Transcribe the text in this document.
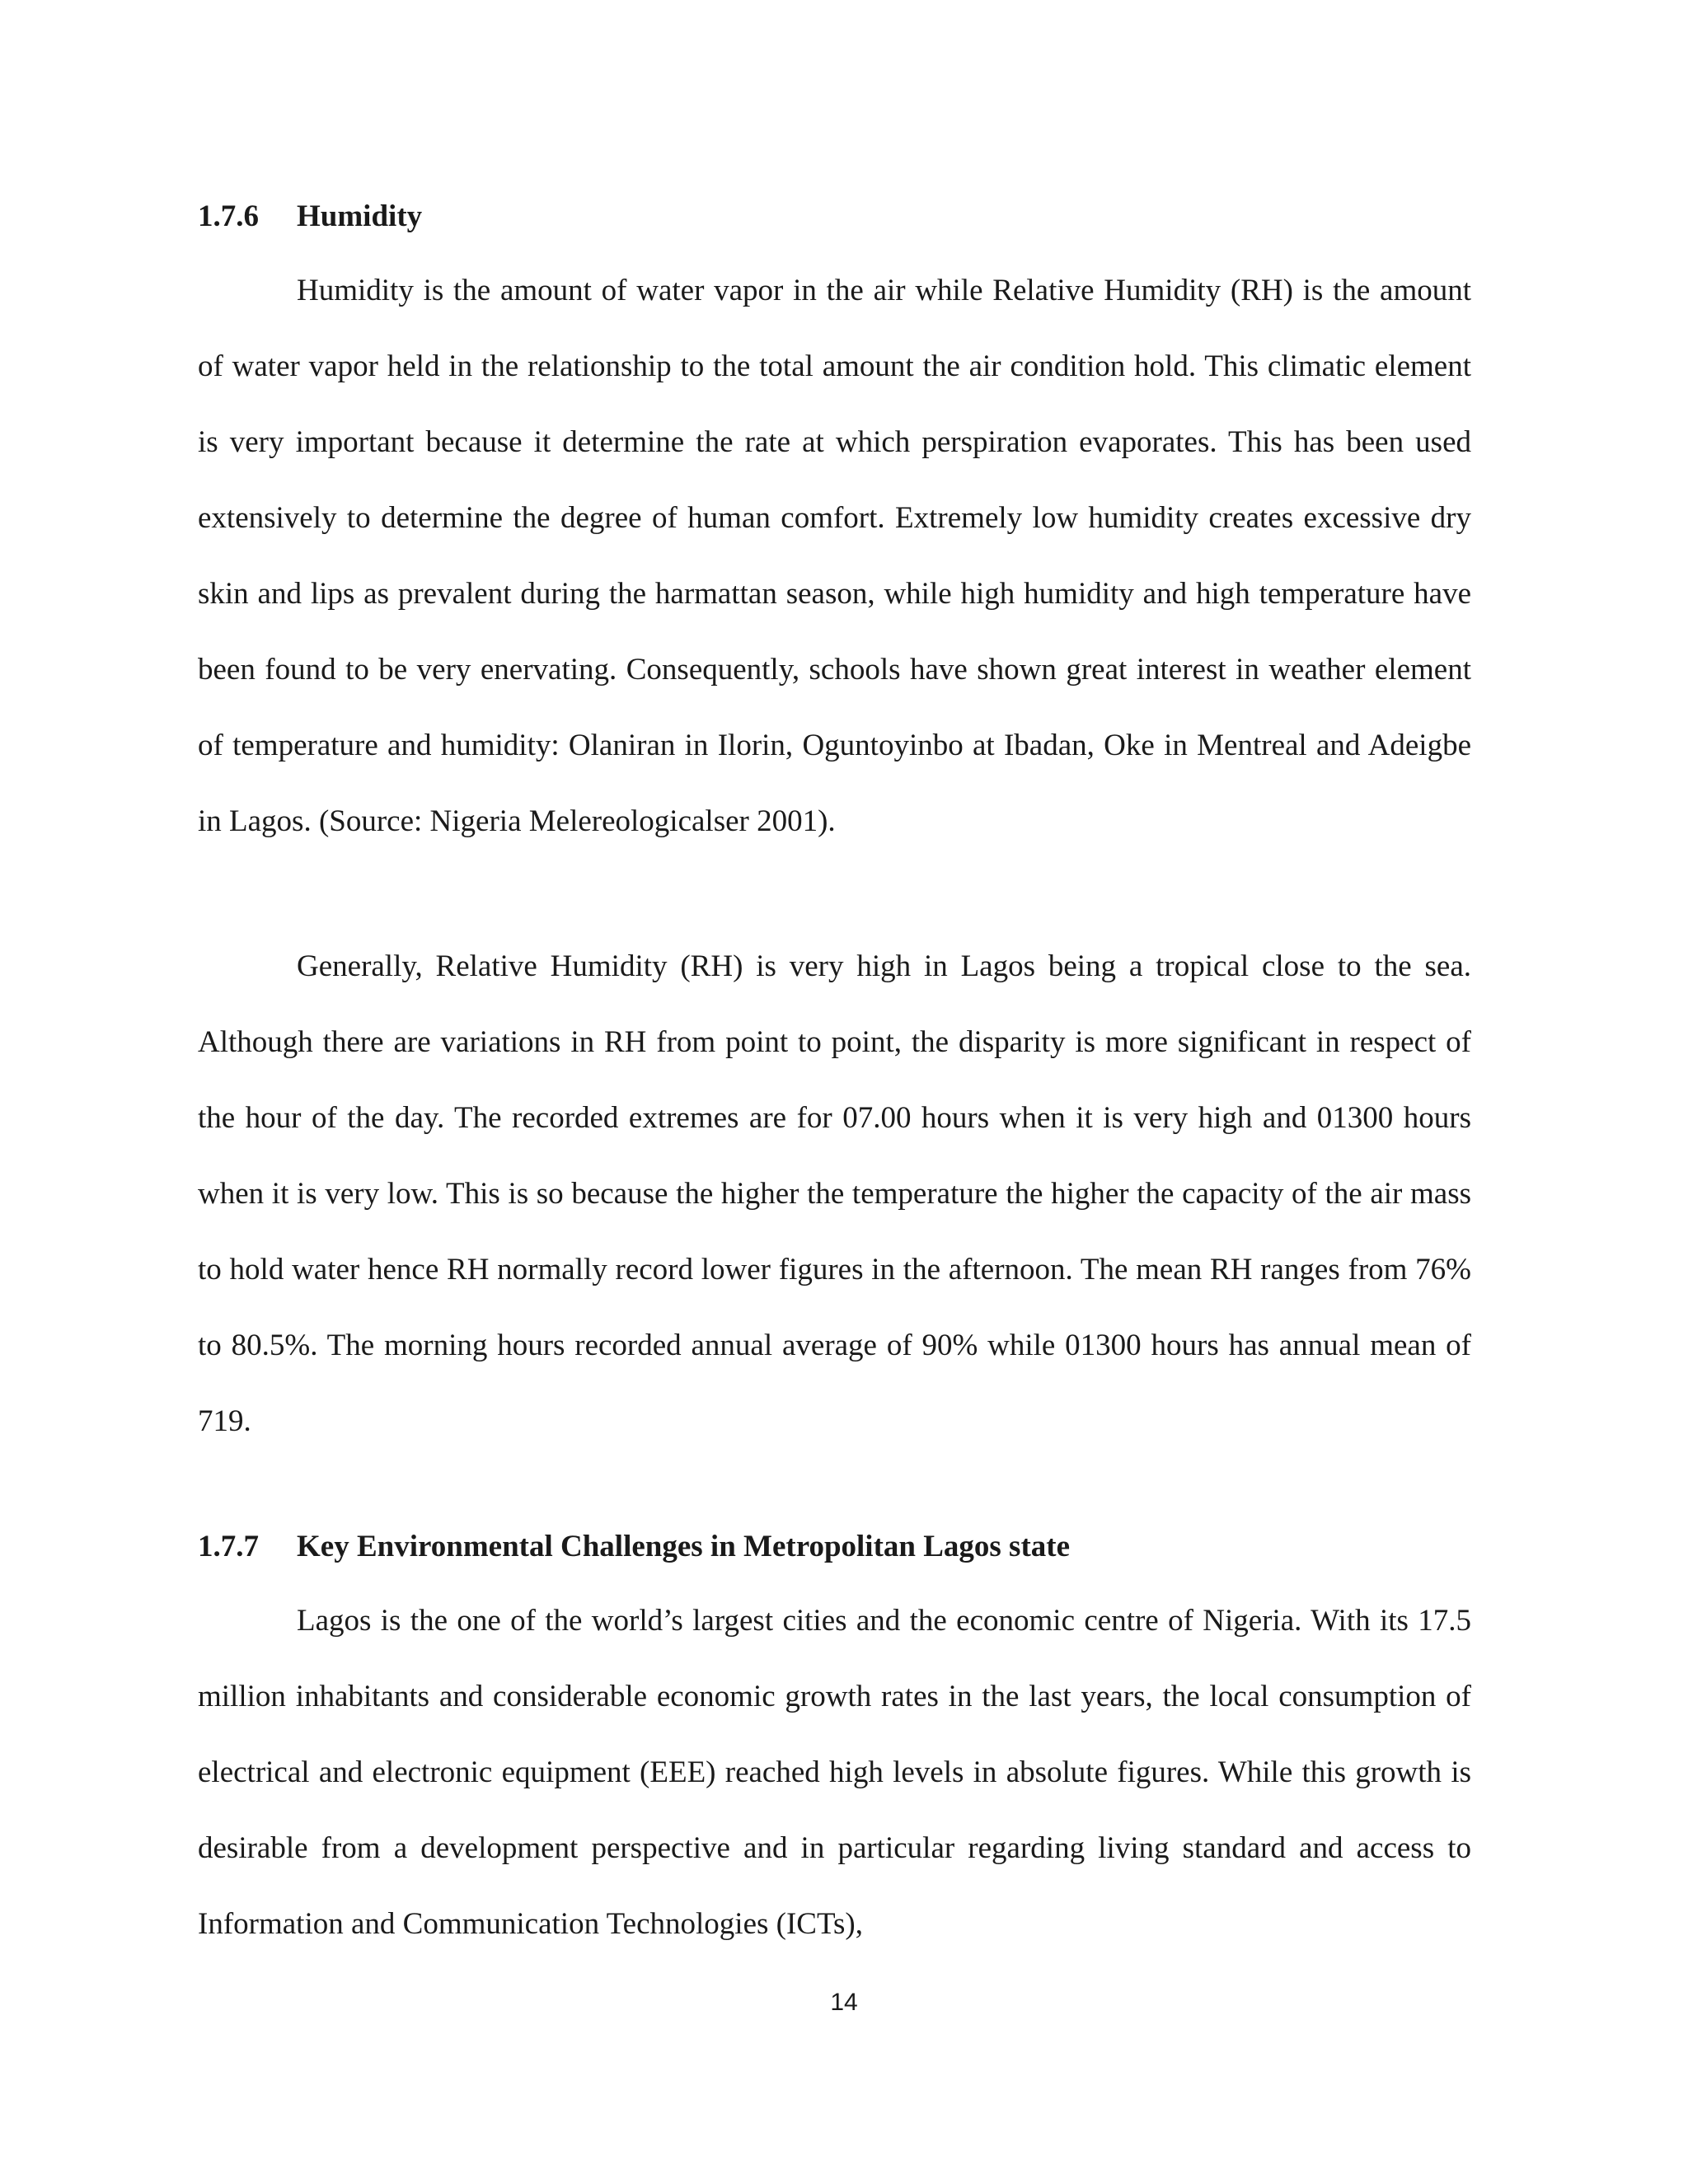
1.7.6 Humidity

Humidity is the amount of water vapor in the air while Relative Humidity (RH) is the amount of water vapor held in the relationship to the total amount the air condition hold. This climatic element is very important because it determine the rate at which perspiration evaporates. This has been used extensively to determine the degree of human comfort. Extremely low humidity creates excessive dry skin and lips as prevalent during the harmattan season, while high humidity and high temperature have been found to be very enervating. Consequently, schools have shown great interest in weather element of temperature and humidity: Olaniran in Ilorin, Oguntoyinbo at Ibadan, Oke in Mentreal and Adeigbe in Lagos. (Source: Nigeria Melereologicalser 2001).

Generally, Relative Humidity (RH) is very high in Lagos being a tropical close to the sea. Although there are variations in RH from point to point, the disparity is more significant in respect of the hour of the day. The recorded extremes are for 07.00 hours when it is very high and 01300 hours when it is very low. This is so because the higher the temperature the higher the capacity of the air mass to hold water hence RH normally record lower figures in the afternoon. The mean RH ranges from 76% to 80.5%. The morning hours recorded annual average of 90% while 01300 hours has annual mean of 719.

1.7.7 Key Environmental Challenges in Metropolitan Lagos state

Lagos is the one of the world’s largest cities and the economic centre of Nigeria. With its 17.5 million inhabitants and considerable economic growth rates in the last years, the local consumption of electrical and electronic equipment (EEE) reached high levels in absolute figures. While this growth is desirable from a development perspective and in particular regarding living standard and access to Information and Communication Technologies (ICTs),

14
